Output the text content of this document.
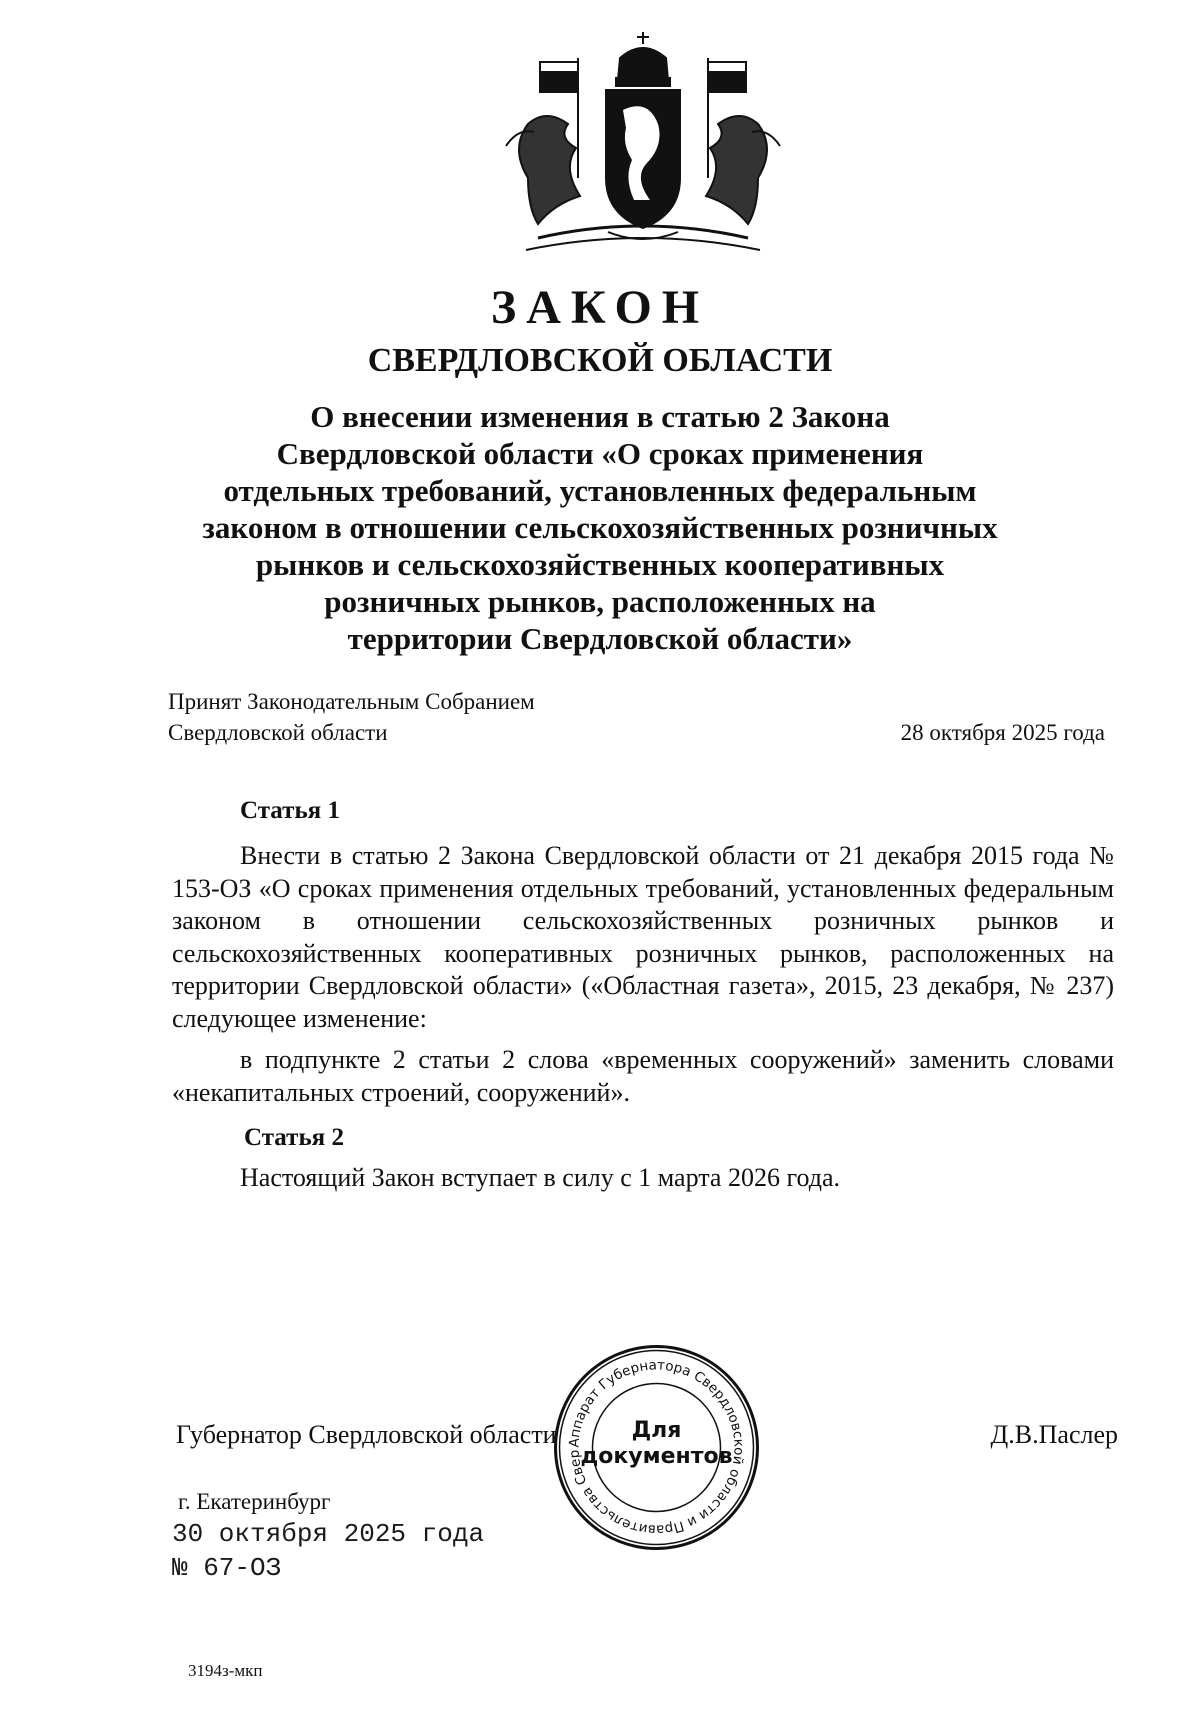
ЗАКОН
СВЕРДЛОВСКОЙ ОБЛАСТИ
О внесении изменения в статью 2 Закона
Свердловской области «О сроках применения
отдельных требований, установленных федеральным
законом в отношении сельскохозяйственных розничных
рынков и сельскохозяйственных кооперативных
розничных рынков, расположенных на
территории Свердловской области»
Принят Законодательным Собранием
Свердловской области	28 октября 2025 года
Статья 1

Внести в статью 2 Закона Свердловской области от 21 декабря 2015 года № 153-ОЗ «О сроках применения отдельных требований, установленных федеральным законом в отношении сельскохозяйственных розничных рынков и сельскохозяйственных кооперативных розничных рынков, расположенных на территории Свердловской области» («Областная газета», 2015, 23 декабря, № 237) следующее изменение:

в подпункте 2 статьи 2 слова «временных сооружений» заменить словами «некапитальных строений, сооружений».

Статья 2

Настоящий Закон вступает в силу с 1 марта 2026 года.

Губернатор Свердловской области	Д.В.Паслер
Аппарат Губернатора Свердловской области и Правительства Свер
Для
документов
г. Екатеринбург
30 октября 2025 года
№ 67-ОЗ
3194з-мкп
